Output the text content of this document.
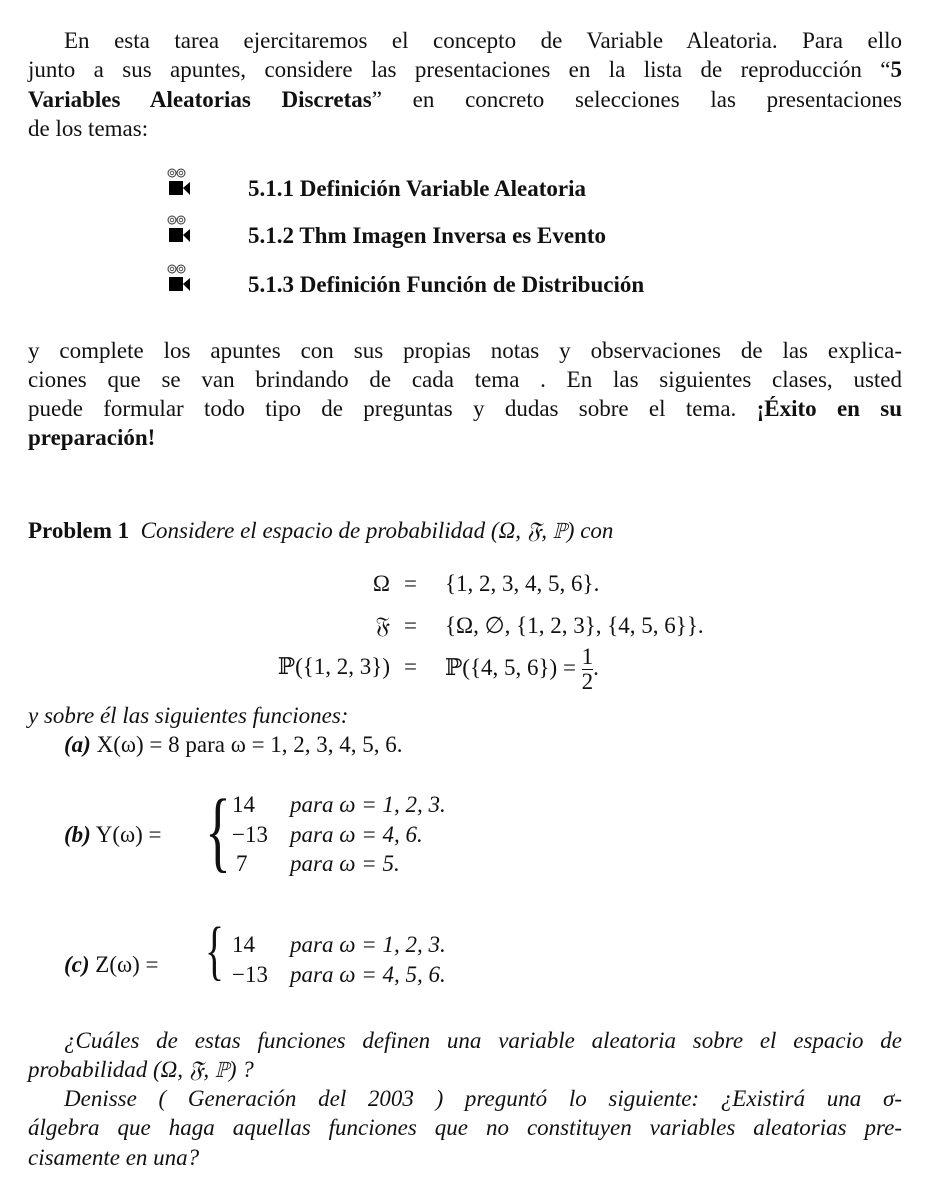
En esta tarea ejercitaremos el concepto de Variable Aleatoria. Para ello
junto a sus apuntes, considere las presentaciones en la lista de reproducción “5
Variables Aleatorias Discretas” en concreto selecciones las presentaciones
de los temas:
5.1.1 Definición Variable Aleatoria
5.1.2 Thm Imagen Inversa es Evento
5.1.3 Definición Función de Distribución
y complete los apuntes con sus propias notas y observaciones de las explica-
ciones que se van brindando de cada tema . En las siguientes clases, usted
puede formular todo tipo de preguntas y dudas sobre el tema. ¡Éxito en su
preparación!
Problem 1 Considere el espacio de probabilidad (Ω, 𝔉, ℙ) con
Ω = {1, 2, 3, 4, 5, 6}.
𝔉 = {Ω, ∅, {1, 2, 3}, {4, 5, 6}}.
ℙ({1, 2, 3}) = ℙ({4, 5, $6\}) = \frac{1}{2}$ .
y sobre él las siguientes funciones:
(a) X(ω) = 8 para ω = 1, 2, 3, 4, 5, 6.
(b) Y(ω) = { 14 para ω = 1, 2, 3.
−13 para ω = 4, 6.
7 para ω = 5.
(c) Z(ω) = { 14 para ω = 1, 2, 3.
−13 para ω = 4, 5, 6.
¿Cuáles de estas funciones definen una variable aleatoria sobre el espacio de
probabilidad (Ω, 𝔉, ℙ) ?
Denisse ( Generación del 2003 ) preguntó lo siguiente: ¿Existirá una σ-
álgebra que haga aquellas funciones que no constituyen variables aleatorias pre-
cisamente en una?
